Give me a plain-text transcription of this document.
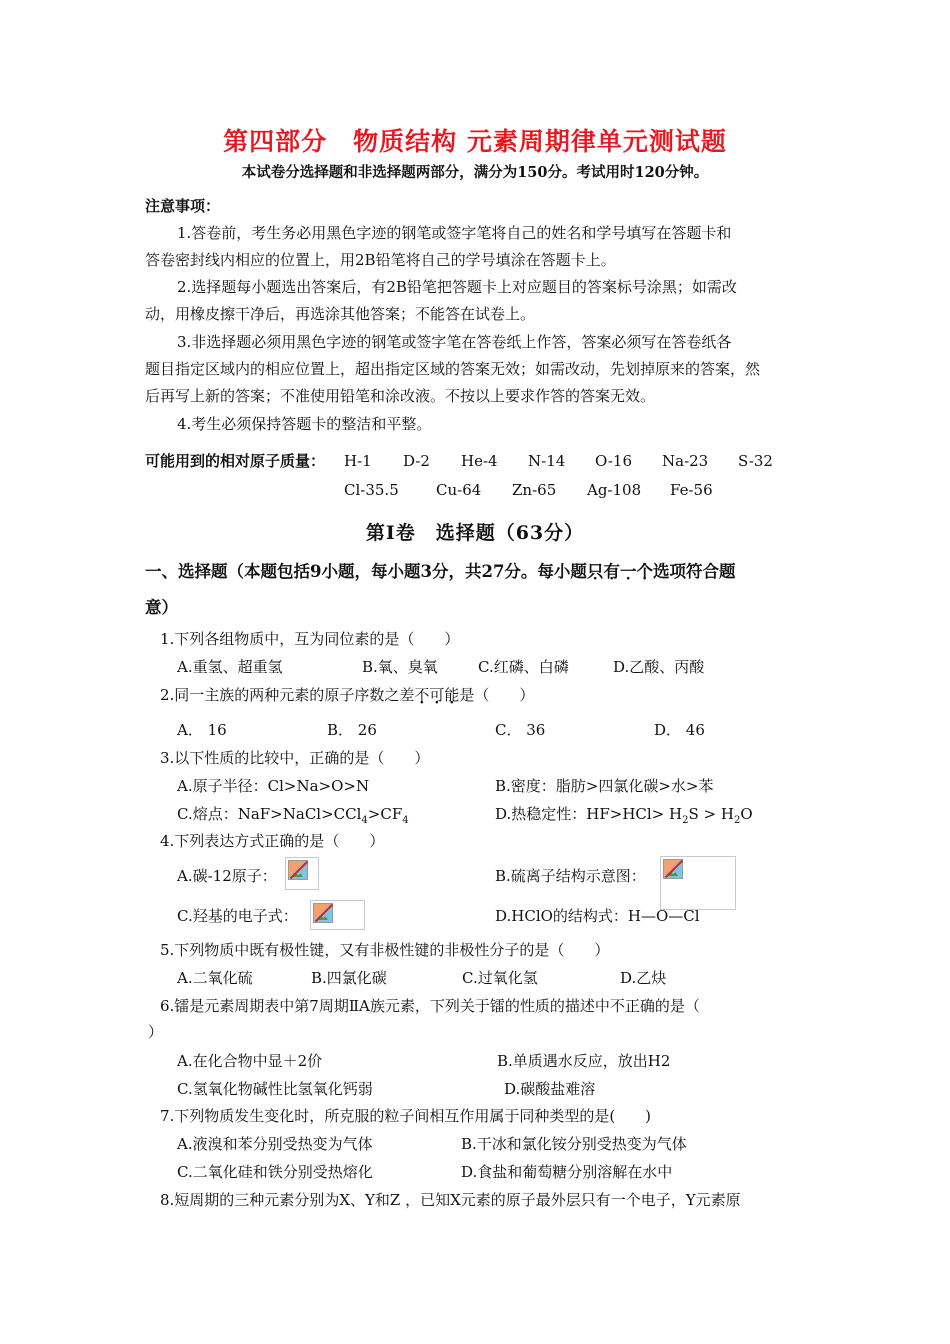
第四部分　物质结构 元素周期律单元测试题
本试卷分选择题和非选择题两部分，满分为150分。考试用时120分钟。
注意事项：
1.答卷前，考生务必用黑色字迹的钢笔或签字笔将自己的姓名和学号填写在答题卡和
答卷密封线内相应的位置上，用2B铅笔将自己的学号填涂在答题卡上。
2.选择题每小题选出答案后，有2B铅笔把答题卡上对应题目的答案标号涂黑；如需改
动，用橡皮擦干净后，再选涂其他答案；不能答在试卷上。
3.非选择题必须用黑色字迹的钢笔或签字笔在答卷纸上作答，答案必须写在答卷纸各
题目指定区域内的相应位置上，超出指定区域的答案无效；如需改动，先划掉原来的答案，然
后再写上新的答案；不准使用铅笔和涂改液。不按以上要求作答的答案无效。
4.考生必须保持答题卡的整洁和平整。
可能用到的相对原子质量： H-1 D-2 He-4 N-14 O-16 Na-23 S-32
Cl-35.5 Cu-64 Zn-65 Ag-108 Fe-56
第Ⅰ卷　选择题（63分）
一、选择题（本题包括9小题，每小题3分，共27分。每小题只有一个选项符合题
意）
1.下列各组物质中，互为同位素的是（　　）
A.重氢、超重氢	B.氧、臭氧	C.红磷、白磷	D.乙酸、丙酸
2.同一主族的两种元素的原子序数之差不可能是（　　）
A． 16	B． 26	C． 36	D． 46
3.以下性质的比较中，正确的是（　　）
A.原子半径：Cl>Na>O>N	B.密度：脂肪>四氯化碳>水>苯
C.熔点：$NaF>NaCl>CCl_4>CF_4$	D.热稳定性：$HF>HCl> H_2S > H_2O$
4.下列表达方式正确的是（　　）
A.碳-12原子：	B.硫离子结构示意图：
C.羟基的电子式：	D.HClO的结构式：H—O—Cl
5.下列物质中既有极性键，又有非极性键的非极性分子的是（　　）
A.二氧化硫	B.四氯化碳	C.过氧化氢	D.乙炔
6.镭是元素周期表中第7周期ⅡA族元素，下列关于镭的性质的描述中不正确的是（
）
A.在化合物中显＋2价	B.单质遇水反应，放出H2
C.氢氧化物碱性比氢氧化钙弱	D.碳酸盐难溶
7.下列物质发生变化时，所克服的粒子间相互作用属于同种类型的是(　　)
A.液溴和苯分别受热变为气体	B.干冰和氯化铵分别受热变为气体
C.二氧化硅和铁分别受热熔化	D.食盐和葡萄糖分别溶解在水中
8.短周期的三种元素分别为X、Y和Z ，已知X元素的原子最外层只有一个电子，Y元素原
